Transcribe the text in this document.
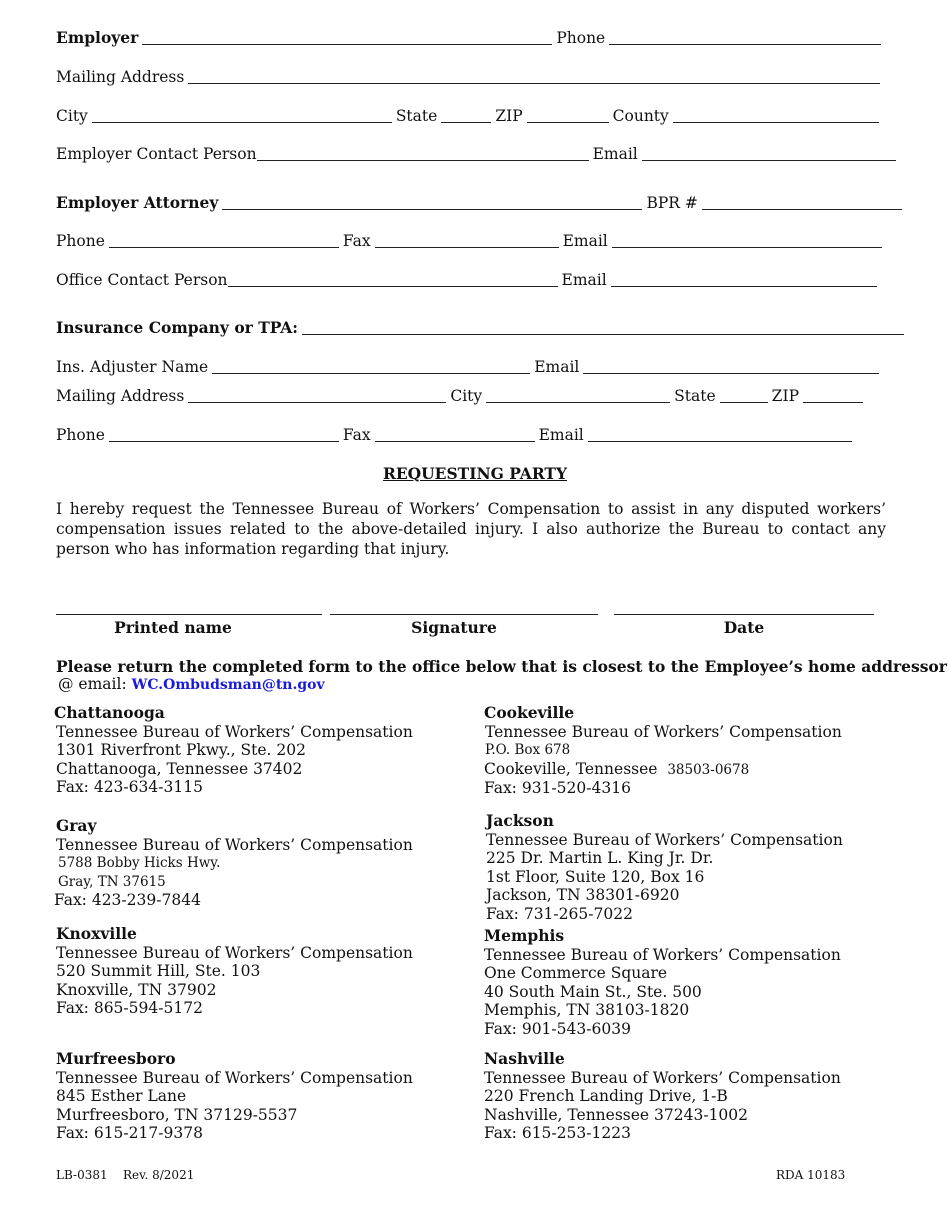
Employer	Phone
Mailing Address
City	State	ZIP	County
Employer Contact Person	Email
Employer Attorney	BPR #
Phone	Fax	Email
Office Contact Person	Email
Insurance Company or TPA:
Ins. Adjuster Name	Email
Mailing Address	City	State	ZIP
Phone	Fax	Email
REQUESTING PARTY
I hereby request the Tennessee Bureau of Workers’ Compensation to assist in any disputed workers’ compensation issues related to the above-detailed injury. I also authorize the Bureau to contact any person who has information regarding that injury.
Printed name	Signature	Date
Please return the completed form to the office below that is closest to the Employee’s home addressor
@ email: WC.Ombudsman@tn.gov
Chattanooga
Tennessee Bureau of Workers’ Compensation
1301 Riverfront Pkwy., Ste. 202
Chattanooga, Tennessee 37402
Fax: 423-634-3115
Cookeville
Tennessee Bureau of Workers’ Compensation
P.O. Box 678
Cookeville, Tennessee 38503-0678
Fax: 931-520-4316
Gray
Tennessee Bureau of Workers’ Compensation
5788 Bobby Hicks Hwy.
Gray, TN 37615
Fax: 423-239-7844
Jackson
Tennessee Bureau of Workers’ Compensation
225 Dr. Martin L. King Jr. Dr.
1st Floor, Suite 120, Box 16
Jackson, TN 38301-6920
Fax: 731-265-7022
Knoxville
Tennessee Bureau of Workers’ Compensation
520 Summit Hill, Ste. 103
Knoxville, TN 37902
Fax: 865-594-5172
Memphis
Tennessee Bureau of Workers’ Compensation
One Commerce Square
40 South Main St., Ste. 500
Memphis, TN 38103-1820
Fax: 901-543-6039
Murfreesboro
Tennessee Bureau of Workers’ Compensation
845 Esther Lane
Murfreesboro, TN 37129-5537
Fax: 615-217-9378
Nashville
Tennessee Bureau of Workers’ Compensation
220 French Landing Drive, 1-B
Nashville, Tennessee 37243-1002
Fax: 615-253-1223
LB-0381 Rev. 8/2021	RDA 10183
